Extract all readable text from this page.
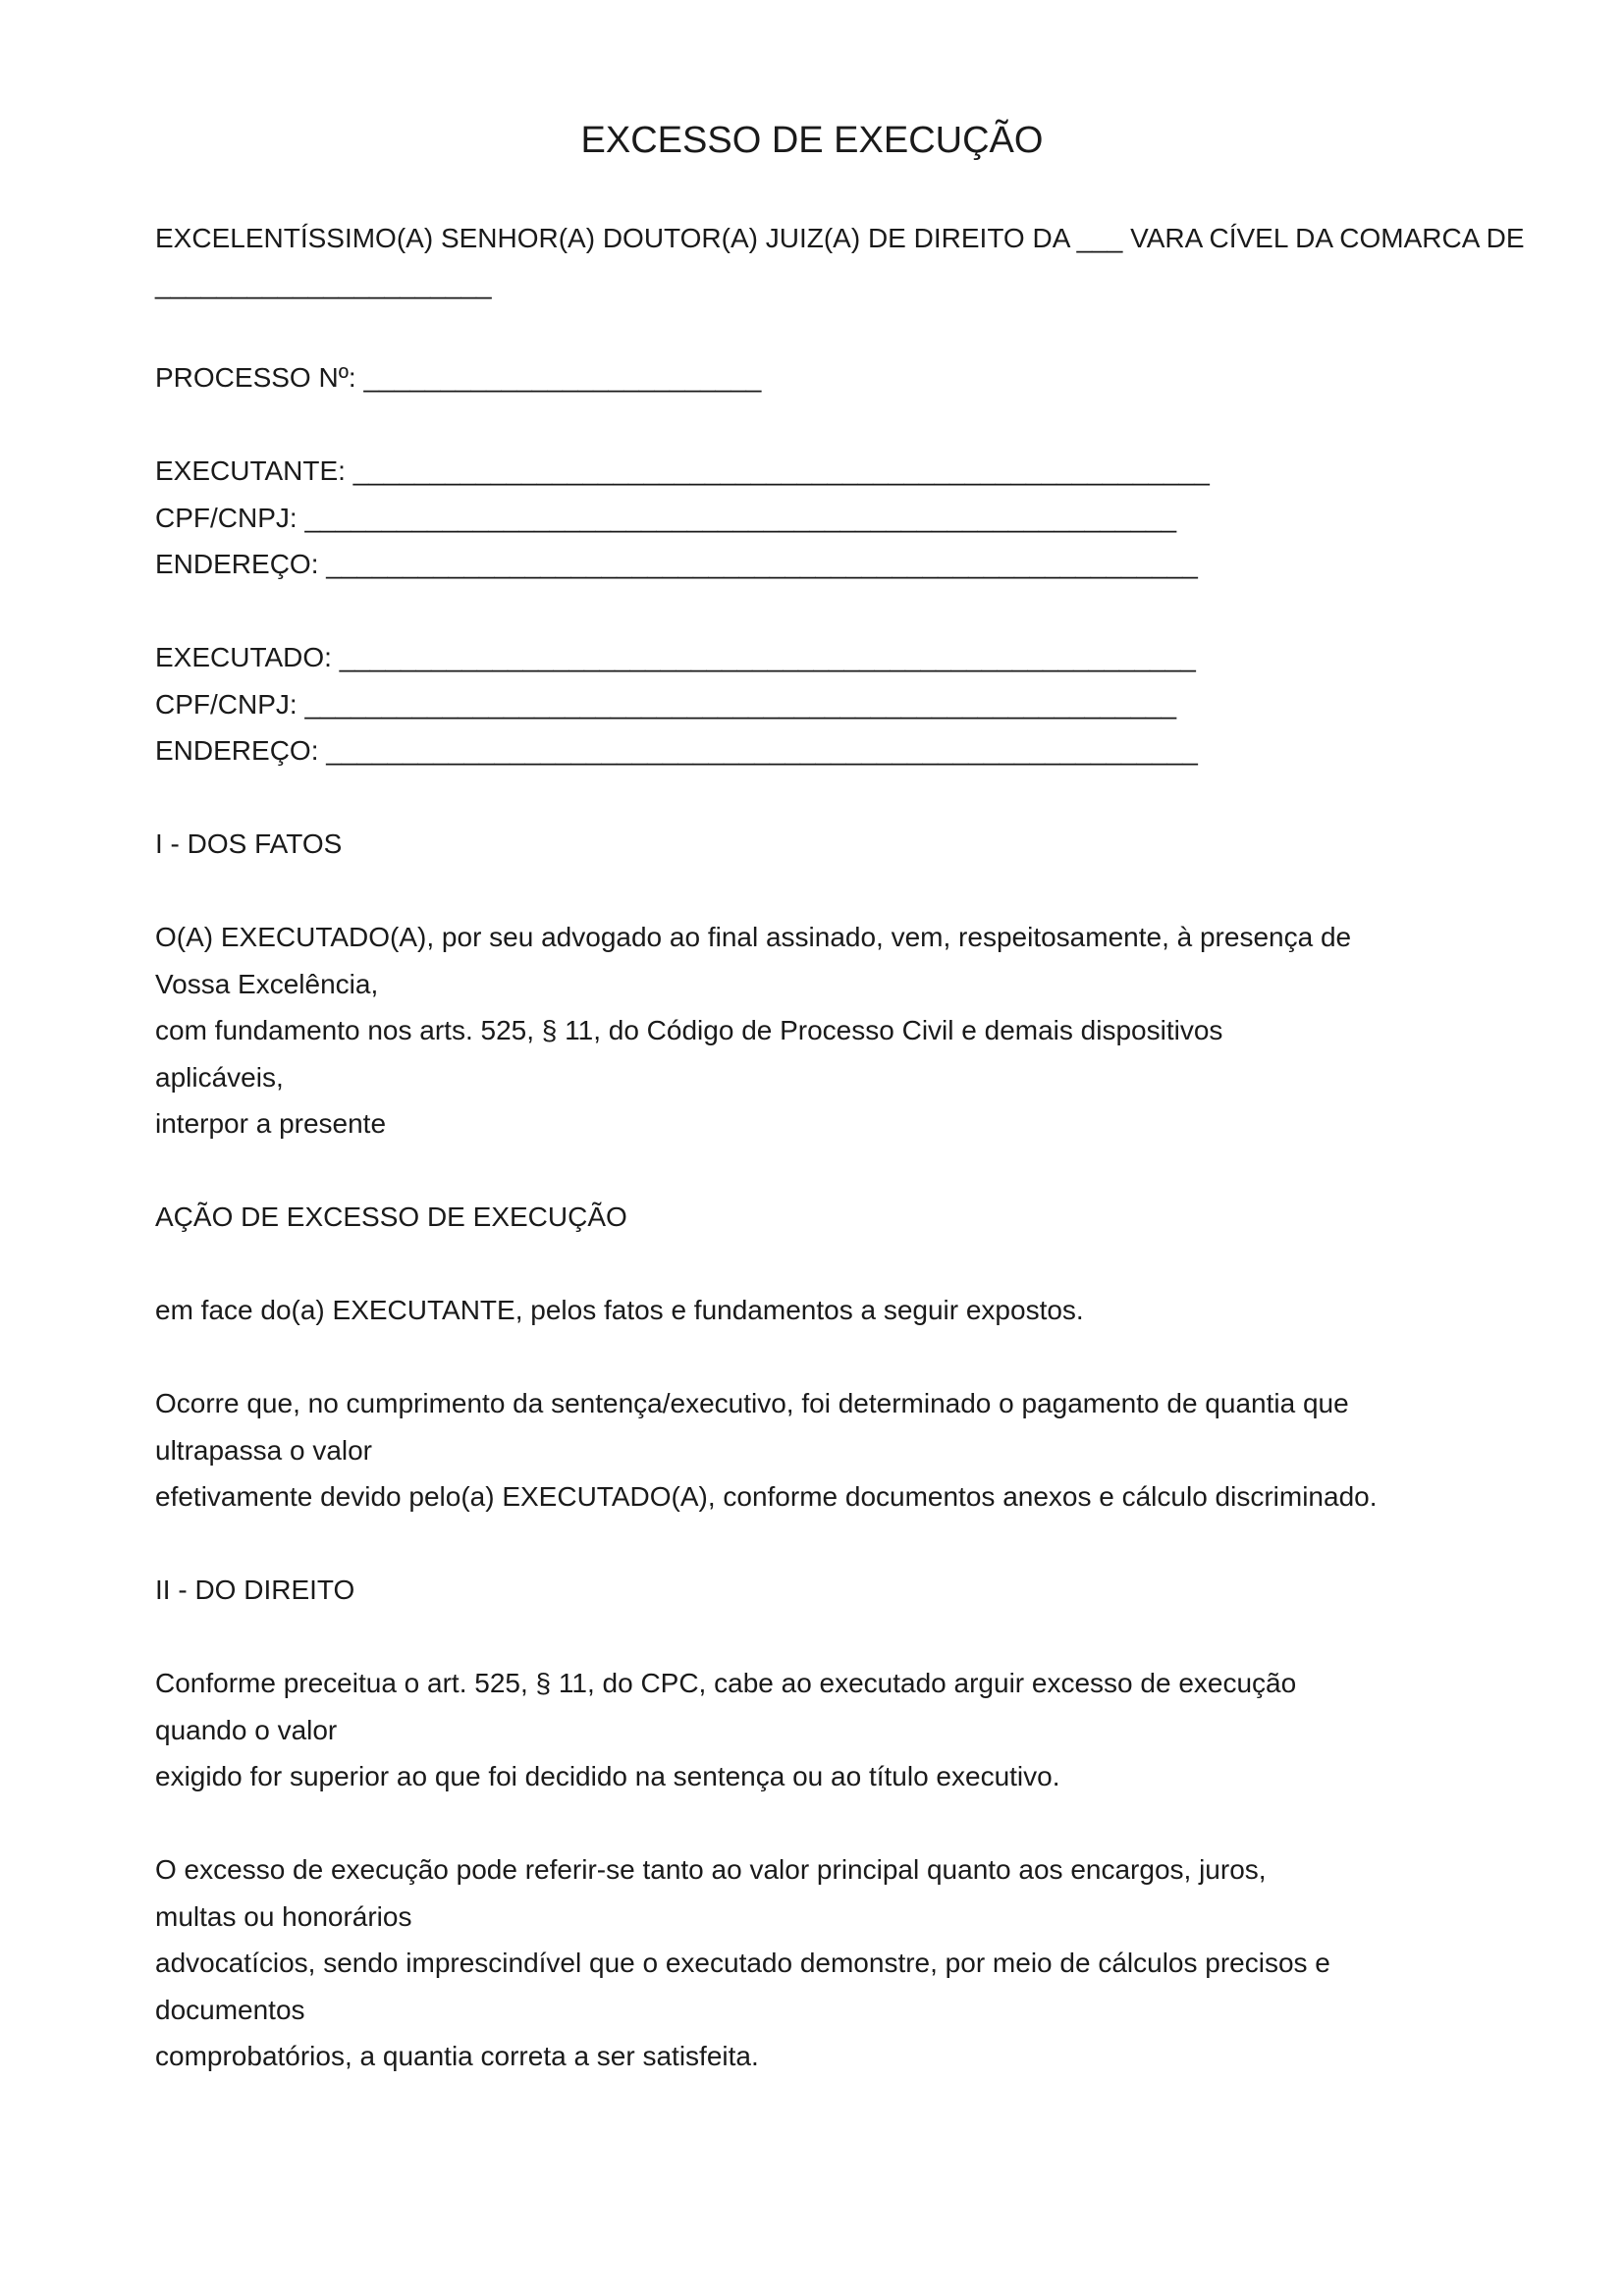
EXCESSO DE EXECUÇÃO
EXCELENTÍSSIMO(A) SENHOR(A) DOUTOR(A) JUIZ(A) DE DIREITO DA ___ VARA CÍVEL DA COMARCA DE
______________________
PROCESSO Nº: __________________________
EXECUTANTE: ________________________________________________________
CPF/CNPJ: _________________________________________________________
ENDEREÇO: _________________________________________________________
EXECUTADO: ________________________________________________________
CPF/CNPJ: _________________________________________________________
ENDEREÇO: _________________________________________________________
I - DOS FATOS
O(A) EXECUTADO(A), por seu advogado ao final assinado, vem, respeitosamente, à presença de
Vossa Excelência,
com fundamento nos arts. 525, § 11, do Código de Processo Civil e demais dispositivos
aplicáveis,
interpor a presente
AÇÃO DE EXCESSO DE EXECUÇÃO
em face do(a) EXECUTANTE, pelos fatos e fundamentos a seguir expostos.
Ocorre que, no cumprimento da sentença/executivo, foi determinado o pagamento de quantia que
ultrapassa o valor
efetivamente devido pelo(a) EXECUTADO(A), conforme documentos anexos e cálculo discriminado.
II - DO DIREITO
Conforme preceitua o art. 525, § 11, do CPC, cabe ao executado arguir excesso de execução
quando o valor
exigido for superior ao que foi decidido na sentença ou ao título executivo.
O excesso de execução pode referir-se tanto ao valor principal quanto aos encargos, juros,
multas ou honorários
advocatícios, sendo imprescindível que o executado demonstre, por meio de cálculos precisos e
documentos
comprobatórios, a quantia correta a ser satisfeita.
